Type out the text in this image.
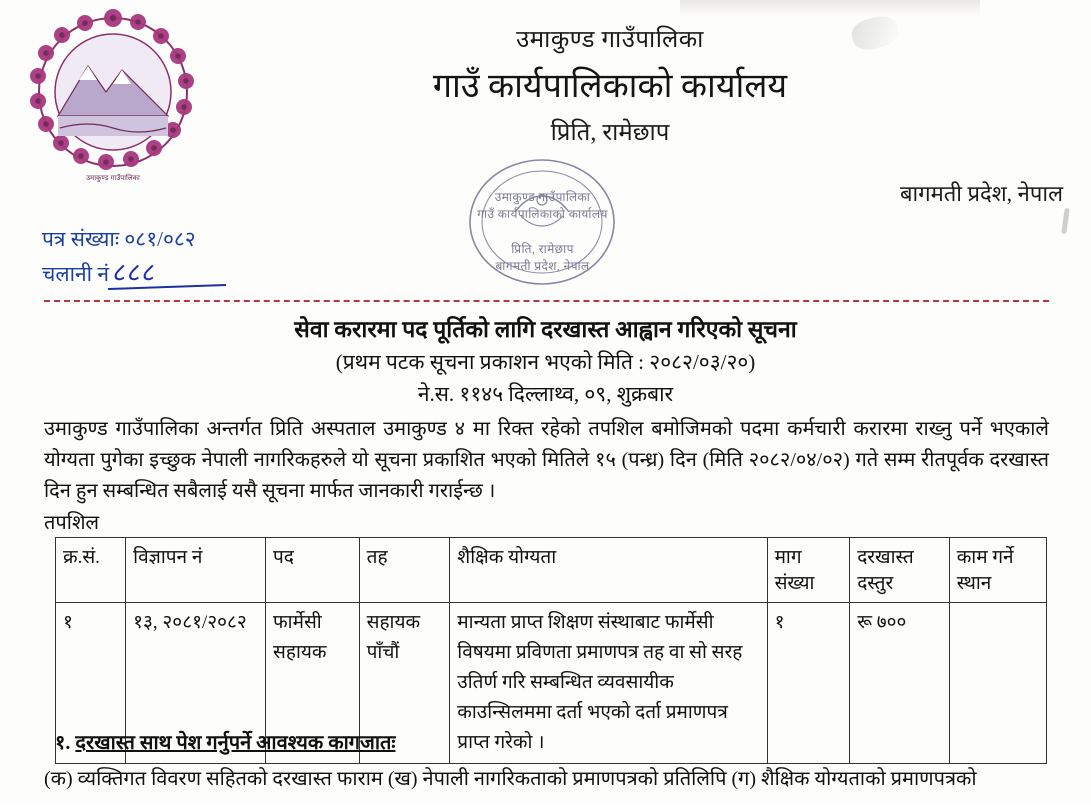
उमाकुण्ड गाउँपालिका
उमाकुण्ड गाउँपालिका
गाउँ कार्यपालिकाको कार्यालय
प्रिति, रामेछाप
बागमती प्रदेश, नेपाल
उमाकुण्ड गाउँपालिका
गाउँ कार्यपालिकाको कार्यालय
प्रिति, रामेछाप
बागमती प्रदेश, नेपाल
पत्र संख्याः ०८१/०८२
चलानी नं ८८८
सेवा करारमा पद पूर्तिको लागि दरखास्त आह्वान गरिएको सूचना
(प्रथम पटक सूचना प्रकाशन भएको मिति : २०८२/०३/२०)
ने.स. ११४५ दिल्लाथ्व, ०९, शुक्रबार
उमाकुण्ड गाउँपालिका अन्तर्गत प्रिति अस्पताल उमाकुण्ड ४ मा रिक्त रहेको तपशिल बमोजिमको पदमा कर्मचारी करारमा राख्नु पर्ने भएकाले योग्यता पुगेका इच्छुक नेपाली नागरिकहरुले यो सूचना प्रकाशित भएको मितिले १५ (पन्ध्र) दिन (मिति २०८२/०४/०२) गते सम्म रीतपूर्वक दरखास्त दिन हुन सम्बन्धित सबैलाई यसै सूचना मार्फत जानकारी गराईन्छ ।
तपशिल
क्र.सं.	विज्ञापन नं	पद	तह	शैक्षिक योग्यता	माग संख्या	दरखास्त दस्तुर	काम गर्ने स्थान
१	१३, २०८१/२०८२	फार्मेसी सहायक	सहायक पाँचौं	मान्यता प्राप्त शिक्षण संस्थाबाट फार्मेसी विषयमा प्रविणता प्रमाणपत्र तह वा सो सरह उतिर्ण गरि सम्बन्धित व्यवसायीक काउन्सिलममा दर्ता भएको दर्ता प्रमाणपत्र प्राप्त गरेको ।	१	रू ७००	
१. दरखास्त साथ पेश गर्नुपर्ने आवश्यक कागजातः
(क) व्यक्तिगत विवरण सहितको दरखास्त फाराम (ख) नेपाली नागरिकताको प्रमाणपत्रको प्रतिलिपि (ग) शैक्षिक योग्यताको प्रमाणपत्रको
